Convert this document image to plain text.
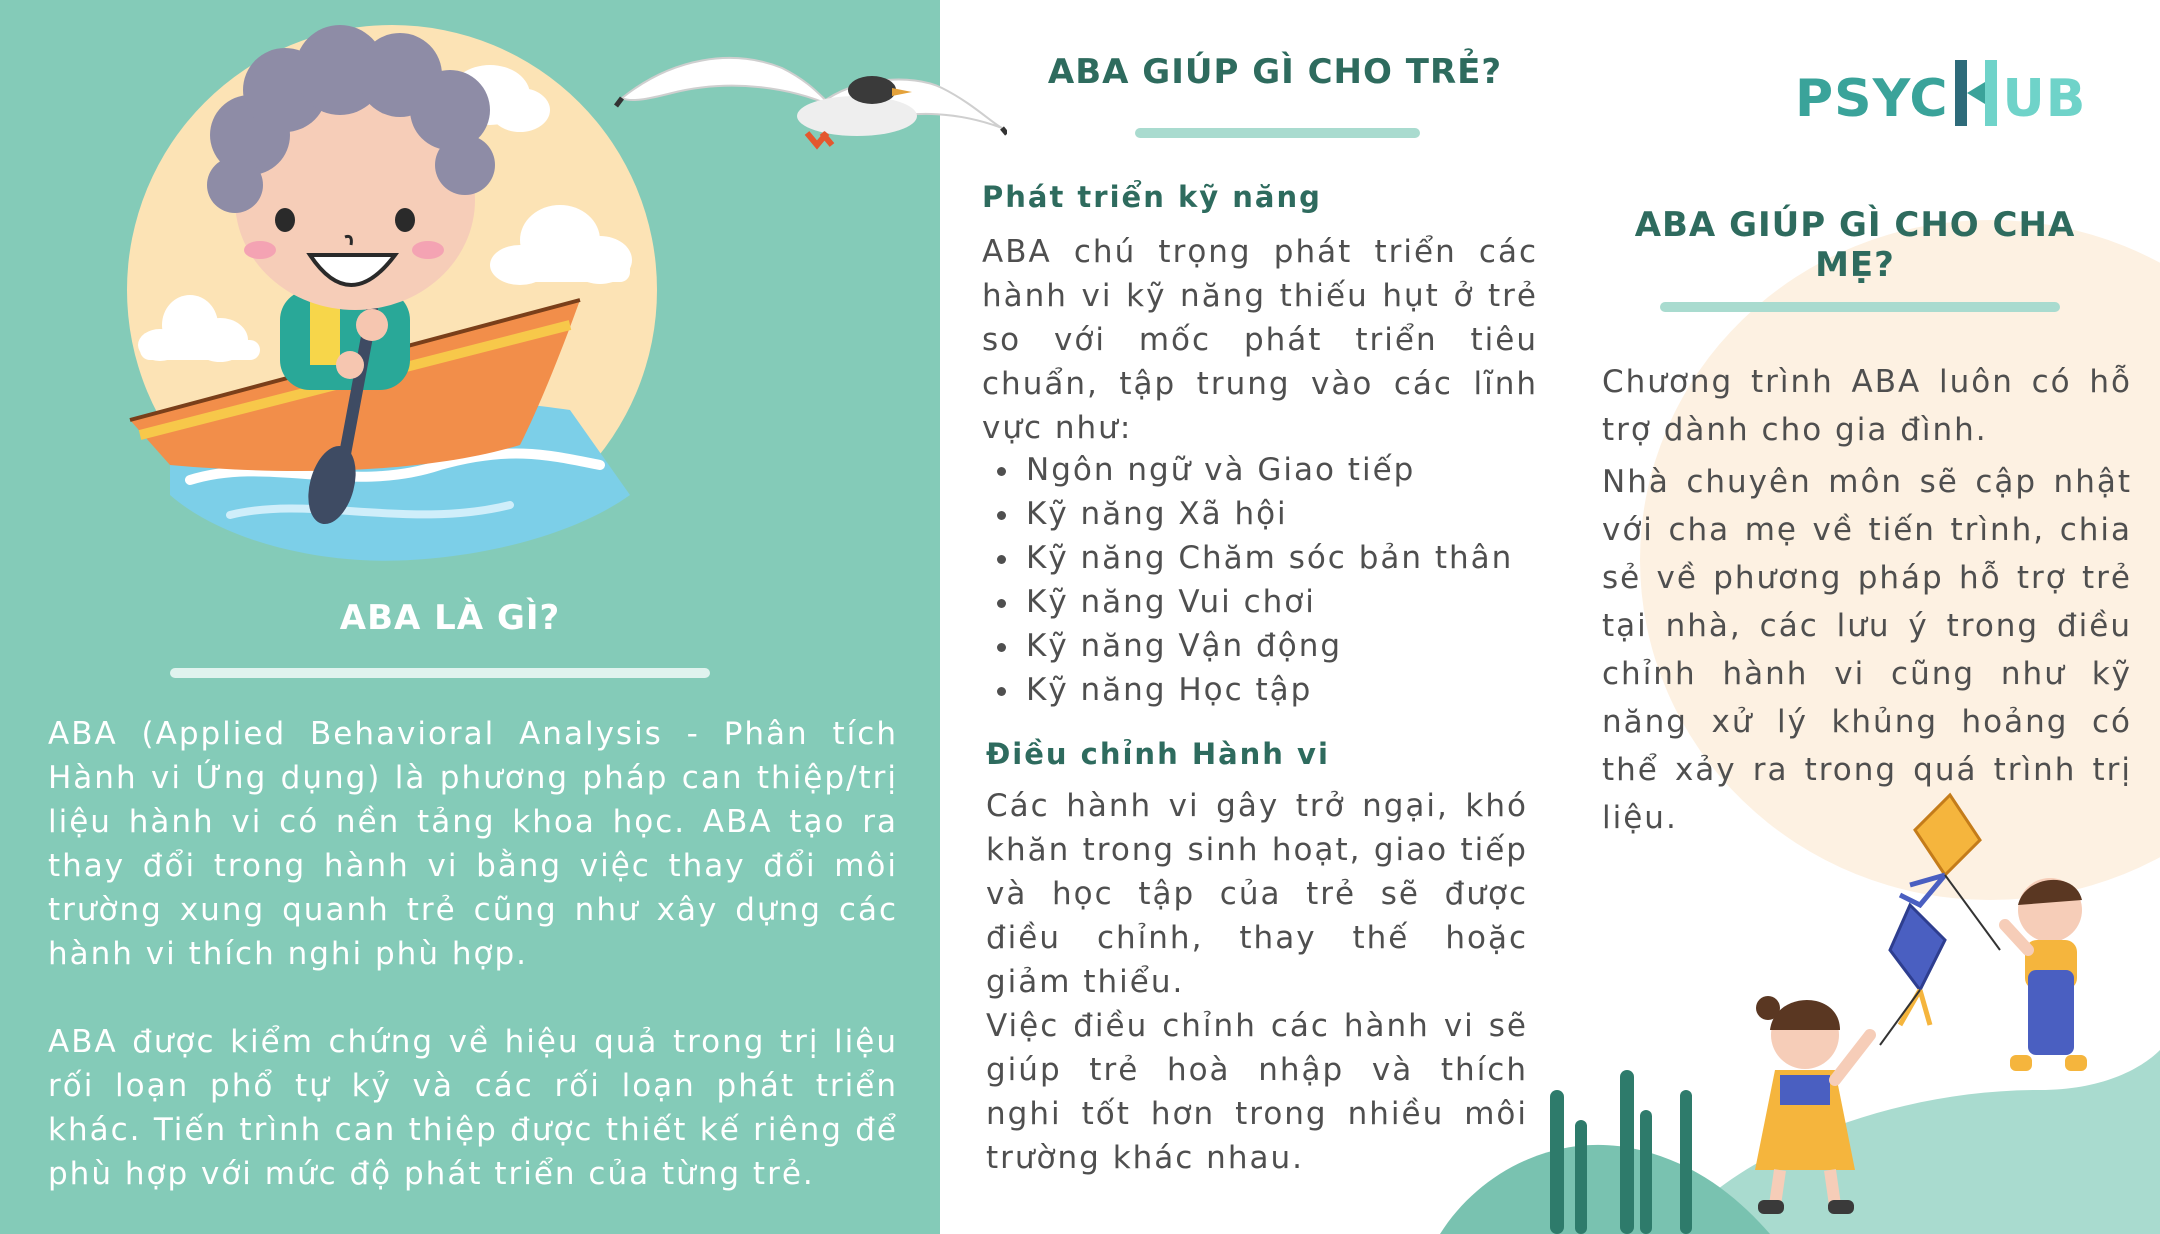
ABA LÀ GÌ?

ABA (Applied Behavioral Analysis - Phân tích Hành vi Ứng dụng) là phương pháp can thiệp/trị liệu hành vi có nền tảng khoa học. ABA tạo ra thay đổi trong hành vi bằng việc thay đổi môi trường xung quanh trẻ cũng như xây dựng các hành vi thích nghi phù hợp.

ABA được kiểm chứng về hiệu quả trong trị liệu rối loạn phổ tự kỷ và các rối loạn phát triển khác. Tiến trình can thiệp được thiết kế riêng để phù hợp với mức độ phát triển của từng trẻ.

ABA GIÚP GÌ CHO TRẺ?
Phát triển kỹ năng

ABA chú trọng phát triển các hành vi kỹ năng thiếu hụt ở trẻ so với mốc phát triển tiêu chuẩn, tập trung vào các lĩnh vực như:

• Ngôn ngữ và Giao tiếp
• Kỹ năng Xã hội
• Kỹ năng Chăm sóc bản thân
• Kỹ năng Vui chơi
• Kỹ năng Vận động
• Kỹ năng Học tập
Điều chỉnh Hành vi

Các hành vi gây trở ngại, khó khăn trong sinh hoạt, giao tiếp và học tập của trẻ sẽ được điều chỉnh, thay thế hoặc giảm thiểu.

Việc điều chỉnh các hành vi sẽ giúp trẻ hoà nhập và thích nghi tốt hơn trong nhiều môi trường khác nhau.

PSYC UB
ABA GIÚP GÌ CHO CHA MẸ?

Chương trình ABA luôn có hỗ trợ dành cho gia đình.

Nhà chuyên môn sẽ cập nhật với cha mẹ về tiến trình, chia sẻ về phương pháp hỗ trợ trẻ tại nhà, các lưu ý trong điều chỉnh hành vi cũng như kỹ năng xử lý khủng hoảng có thể xảy ra trong quá trình trị liệu.
